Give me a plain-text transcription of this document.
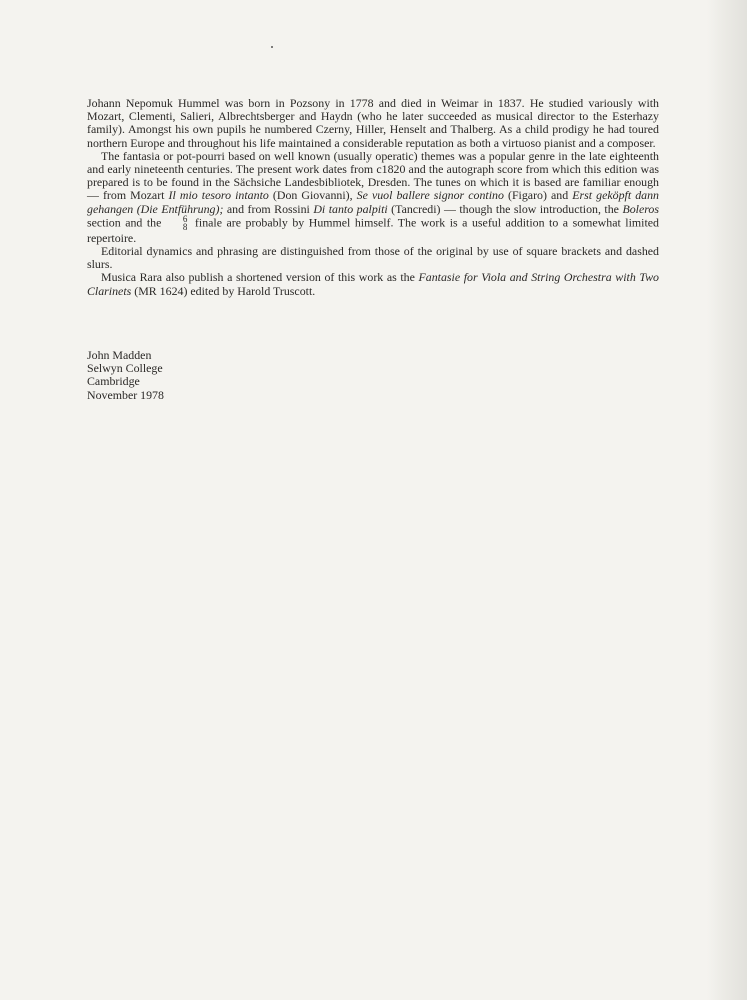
Johann Nepomuk Hummel was born in Pozsony in 1778 and died in Weimar in 1837. He studied variously with Mozart, Clementi, Salieri, Albrechtsberger and Haydn (who he later succeeded as musical director to the Esterhazy family). Amongst his own pupils he numbered Czerny, Hiller, Henselt and Thalberg. As a child prodigy he had toured northern Europe and throughout his life maintained a considerable reputation as both a virtuoso pianist and a composer.

The fantasia or pot-pourri based on well known (usually operatic) themes was a popular genre in the late eighteenth and early nineteenth centuries. The present work dates from c1820 and the autograph score from which this edition was prepared is to be found in the Sächsiche Landesbibliotek, Dresden. The tunes on which it is based are familiar enough — from Mozart Il mio tesoro intanto (Don Giovanni), Se vuol ballere signor contino (Figaro) and Erst geköpft dann gehangen (Die Entführung); and from Rossini Di tanto palpiti (Tancredi) — though the slow introduction, the Boleros section and the	6
8 finale are probably by Hummel himself. The work is a useful addition to a somewhat limited repertoire.

Editorial dynamics and phrasing are distinguished from those of the original by use of square brackets and dashed slurs.

Musica Rara also publish a shortened version of this work as the Fantasie for Viola and String Orchestra with Two Clarinets (MR 1624) edited by Harold Truscott.

John Madden
Selwyn College
Cambridge
November 1978
